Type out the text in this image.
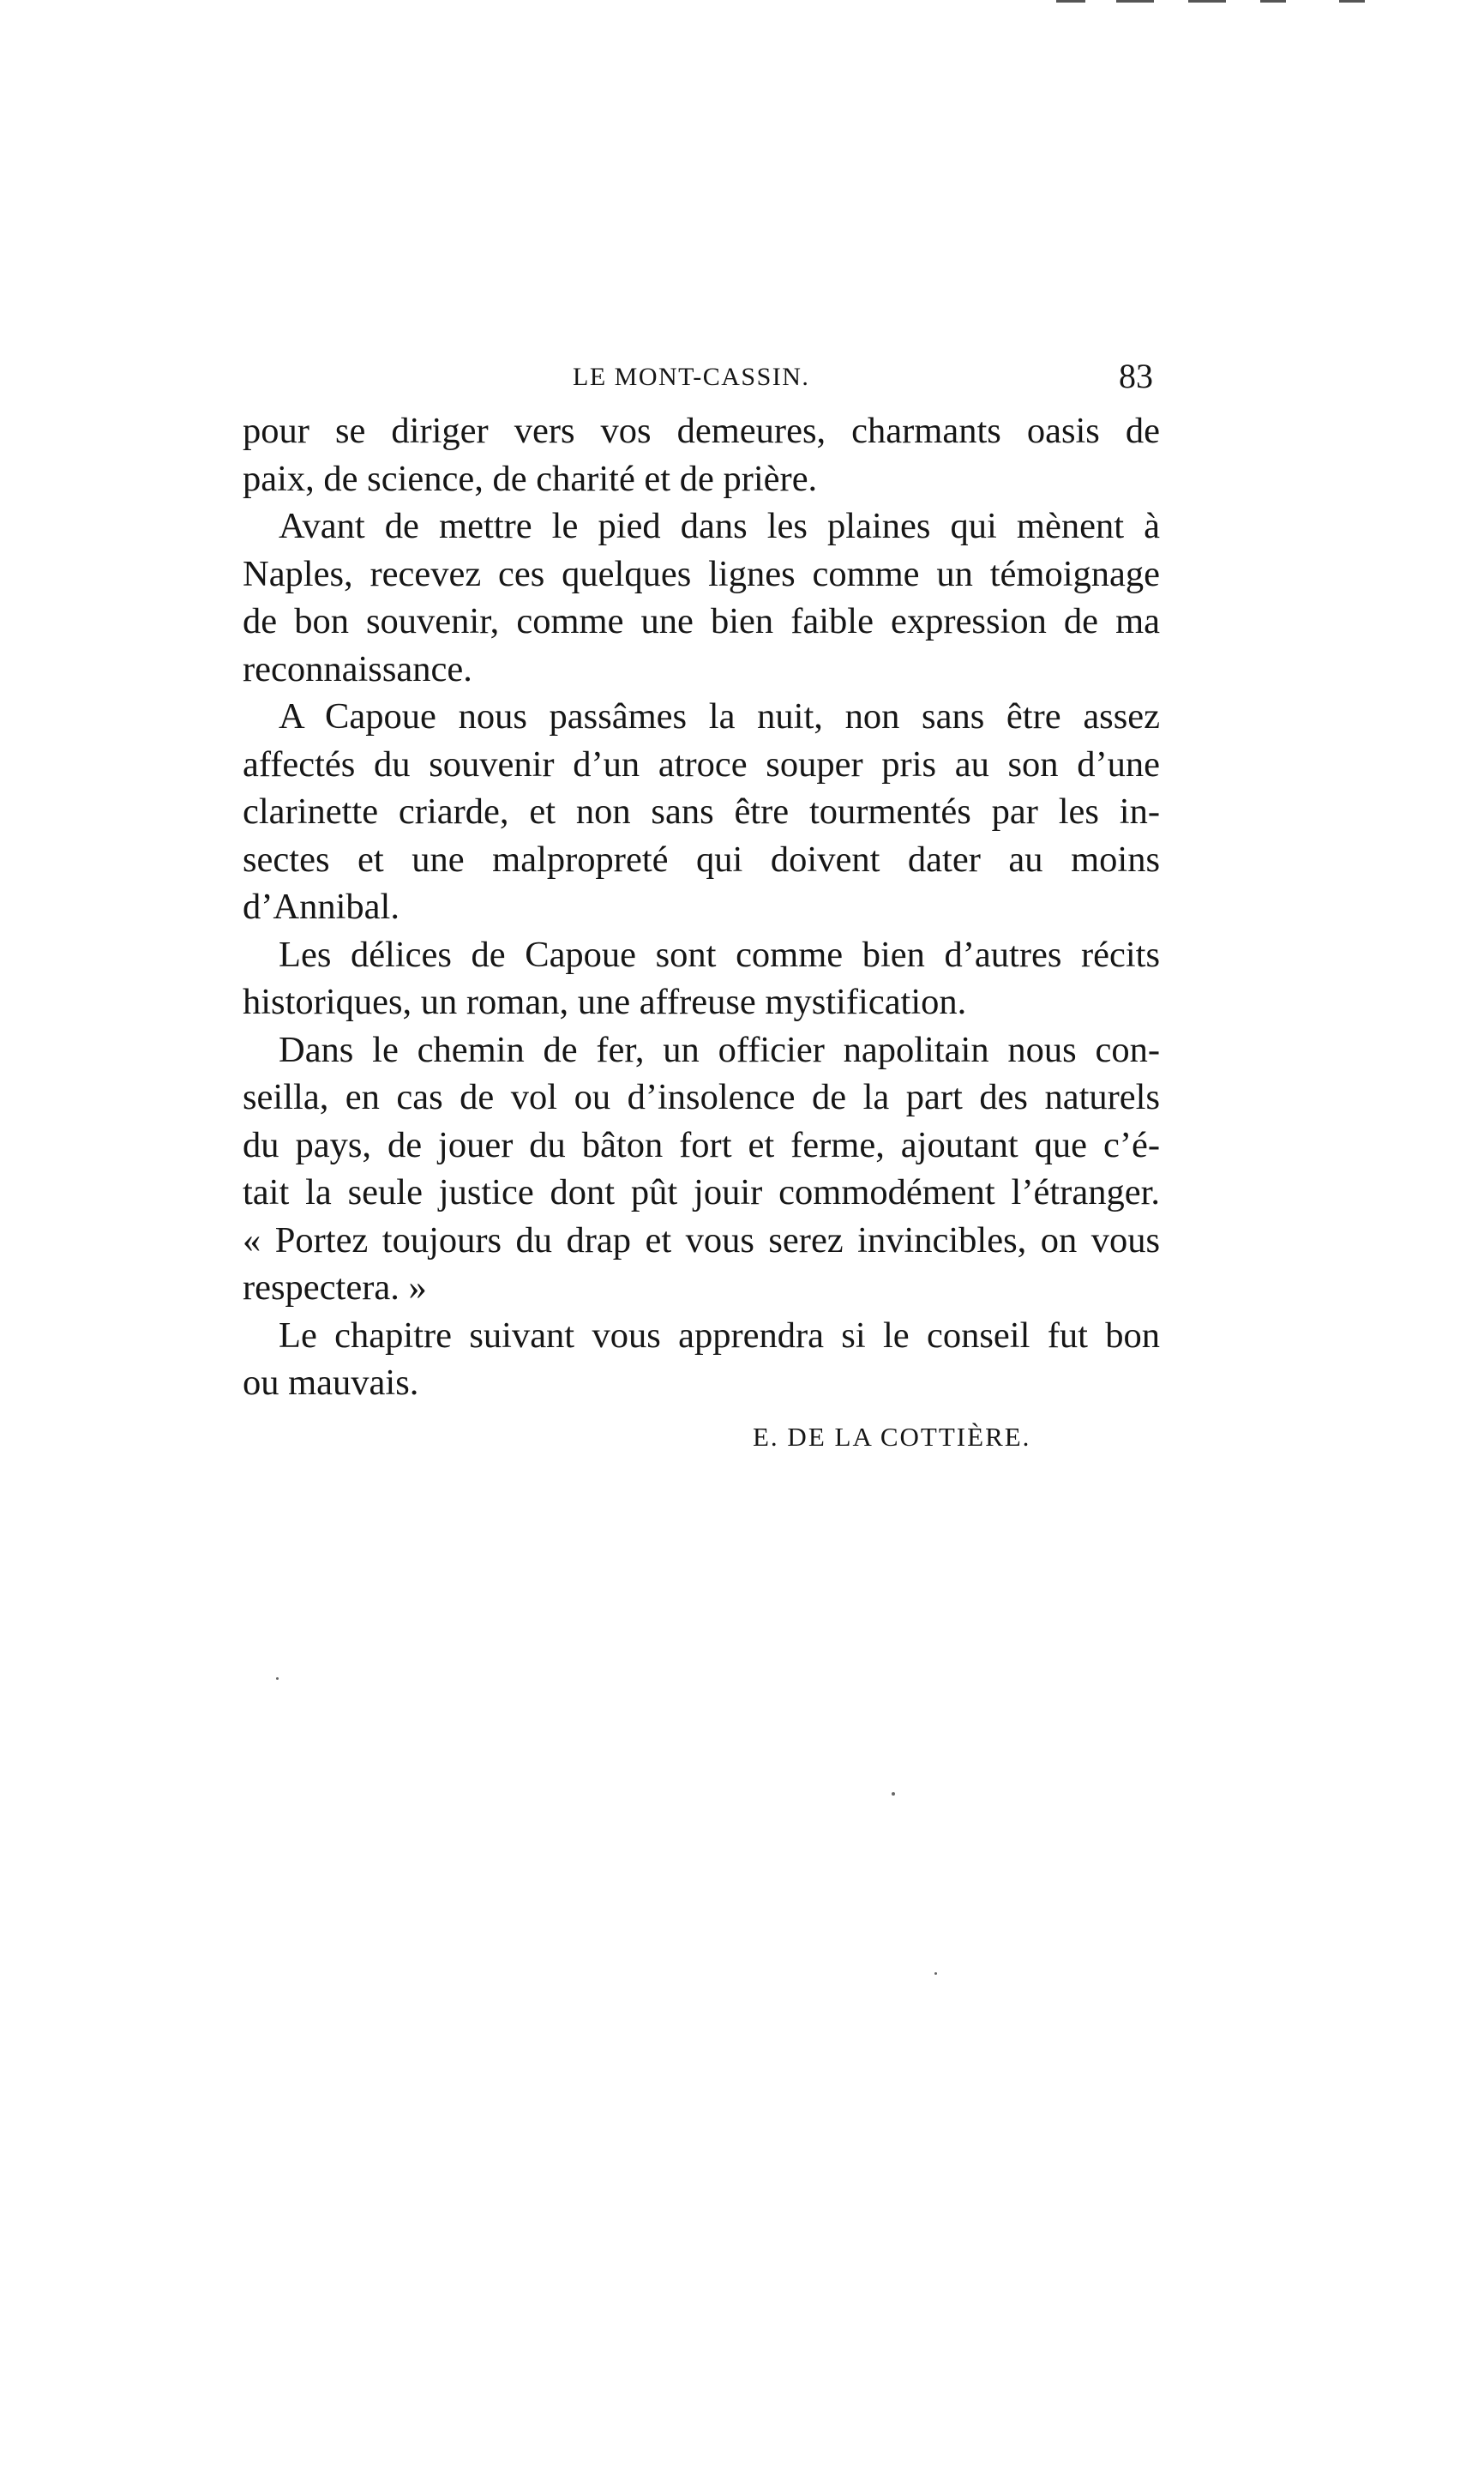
LE MONT-CASSIN.	83

pour se diriger vers vos demeures, charmants oasis de
paix, de science, de charité et de prière.

Avant de mettre le pied dans les plaines qui mènent à
Naples, recevez ces quelques lignes comme un témoignage
de bon souvenir, comme une bien faible expression de ma
reconnaissance.

A Capoue nous passâmes la nuit, non sans être assez
affectés du souvenir d’un atroce souper pris au son d’une
clarinette criarde, et non sans être tourmentés par les in-
sectes et une malpropreté qui doivent dater au moins
d’Annibal.

Les délices de Capoue sont comme bien d’autres récits
historiques, un roman, une affreuse mystification.

Dans le chemin de fer, un officier napolitain nous con-
seilla, en cas de vol ou d’insolence de la part des naturels
du pays, de jouer du bâton fort et ferme, ajoutant que c’é-
tait la seule justice dont pût jouir commodément l’étranger.
« Portez toujours du drap et vous serez invincibles, on vous
respectera. »

Le chapitre suivant vous apprendra si le conseil fut bon
ou mauvais.

E. DE LA COTTIÈRE.
